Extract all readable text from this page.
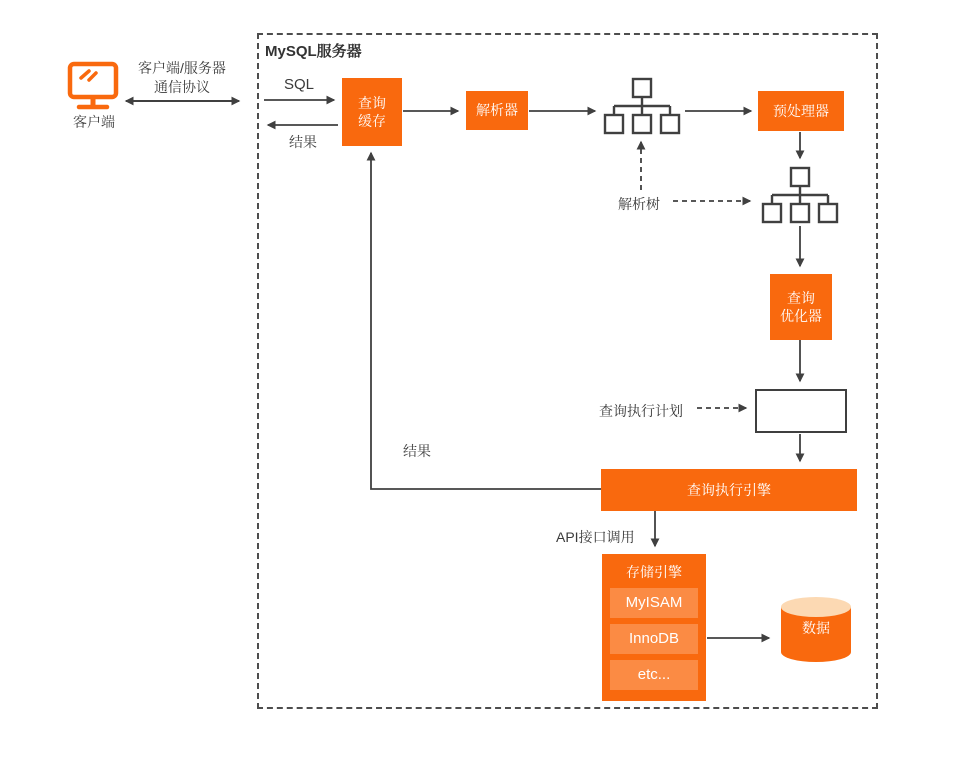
客户端
客户端/服务器
通信协议
MySQL服务器
SQL
结果
结果
解析树
查询执行计划
API接口调用
查询
缓存
解析器	预处理器
查询
优化器
查询执行引擎
存储引擎
MyISAM
InnoDB
etc...
数据
